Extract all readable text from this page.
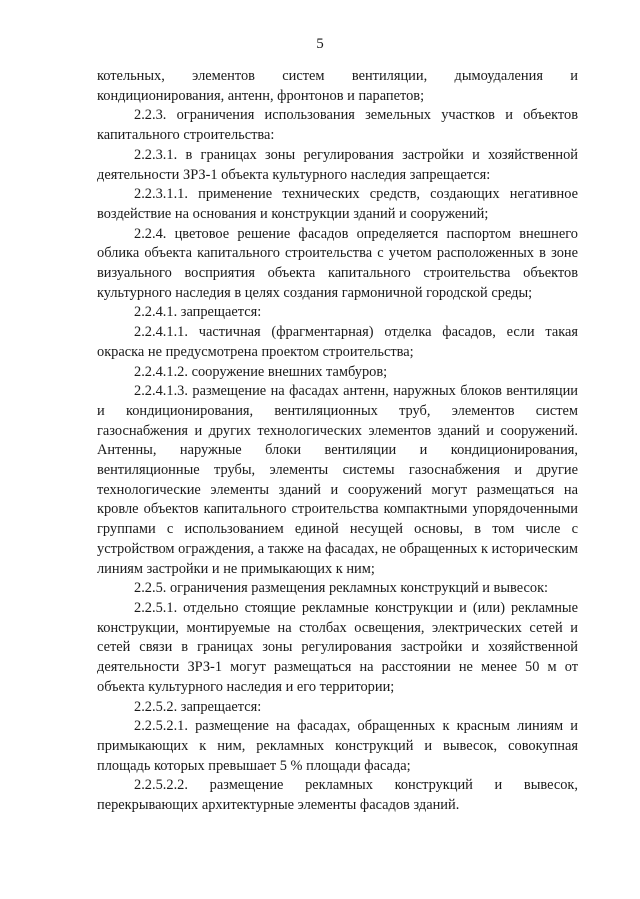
5

котельных, элементов систем вентиляции, дымоудаления и кондиционирования, антенн, фронтонов и парапетов;

2.2.3. ограничения использования земельных участков и объектов капитального строительства:

2.2.3.1. в границах зоны регулирования застройки и хозяйственной деятельности ЗРЗ-1 объекта культурного наследия запрещается:

2.2.3.1.1. применение технических средств, создающих негативное воздействие на основания и конструкции зданий и сооружений;

2.2.4. цветовое решение фасадов определяется паспортом внешнего облика объекта капитального строительства с учетом расположенных в зоне визуального восприятия объекта капитального строительства объектов культурного наследия в целях создания гармоничной городской среды;

2.2.4.1. запрещается:

2.2.4.1.1. частичная (фрагментарная) отделка фасадов, если такая окраска не предусмотрена проектом строительства;

2.2.4.1.2. сооружение внешних тамбуров;

2.2.4.1.3. размещение на фасадах антенн, наружных блоков вентиляции и кондиционирования, вентиляционных труб, элементов систем газоснабжения и других технологических элементов зданий и сооружений. Антенны, наружные блоки вентиляции и кондиционирования, вентиляционные трубы, элементы системы газоснабжения и другие технологические элементы зданий и сооружений могут размещаться на кровле объектов капитального строительства компактными упорядоченными группами с использованием единой несущей основы, в том числе с устройством ограждения, а также на фасадах, не обращенных к историческим линиям застройки и не примыкающих к ним;

2.2.5. ограничения размещения рекламных конструкций и вывесок:

2.2.5.1. отдельно стоящие рекламные конструкции и (или) рекламные конструкции, монтируемые на столбах освещения, электрических сетей и сетей связи в границах зоны регулирования застройки и хозяйственной деятельности ЗРЗ-1 могут размещаться на расстоянии не менее 50 м от объекта культурного наследия и его территории;

2.2.5.2. запрещается:

2.2.5.2.1. размещение на фасадах, обращенных к красным линиям и примыкающих к ним, рекламных конструкций и вывесок, совокупная площадь которых превышает 5 % площади фасада;

2.2.5.2.2. размещение рекламных конструкций и вывесок, перекрывающих архитектурные элементы фасадов зданий.
